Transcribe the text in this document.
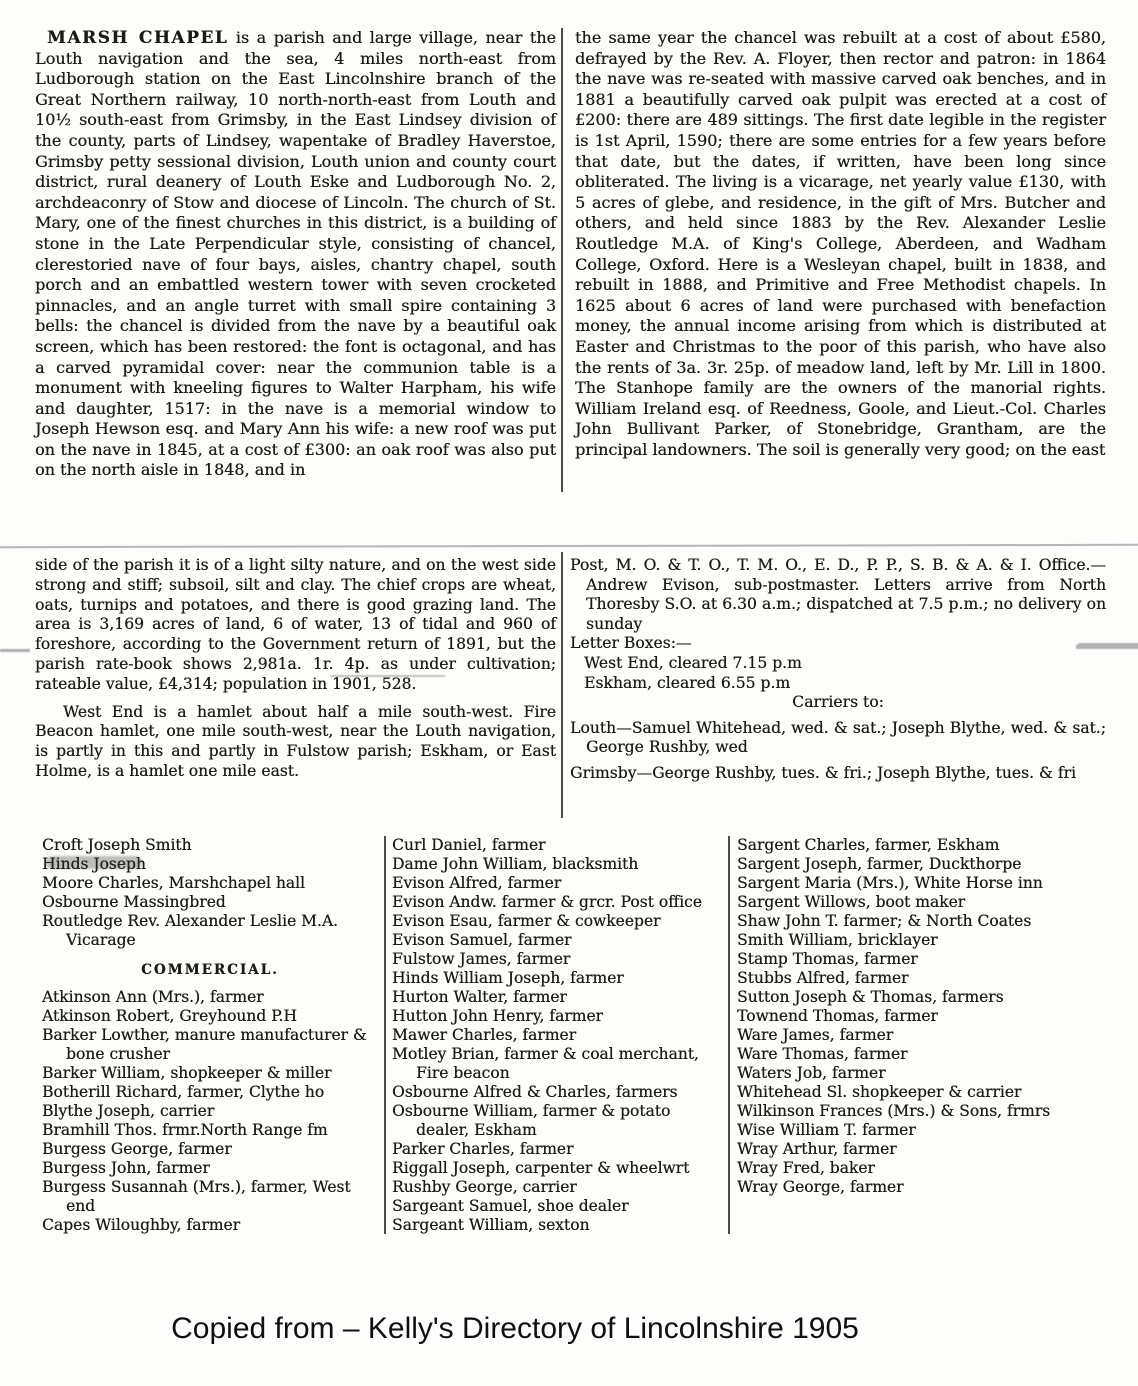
MARSH CHAPEL is a parish and large village, near the Louth navigation and the sea, 4 miles north-east from Ludborough station on the East Lincolnshire branch of the Great Northern railway, 10 north-north-east from Louth and 10½ south-east from Grimsby, in the East Lindsey division of the county, parts of Lindsey, wapentake of Bradley Haverstoe, Grimsby petty sessional division, Louth union and county court district, rural deanery of Louth Eske and Ludborough No. 2, archdeaconry of Stow and diocese of Lincoln. The church of St. Mary, one of the finest churches in this district, is a building of stone in the Late Perpendicular style, consisting of chancel, clerestoried nave of four bays, aisles, chantry chapel, south porch and an embattled western tower with seven crocketed pinnacles, and an angle turret with small spire containing 3 bells: the chancel is divided from the nave by a beautiful oak screen, which has been restored: the font is octagonal, and has a carved pyramidal cover: near the communion table is a monument with kneeling figures to Walter Harpham, his wife and daughter, 1517: in the nave is a memorial window to Joseph Hewson esq. and Mary Ann his wife: a new roof was put on the nave in 1845, at a cost of £300: an oak roof was also put on the north aisle in 1848, and in

the same year the chancel was rebuilt at a cost of about £580, defrayed by the Rev. A. Floyer, then rector and patron: in 1864 the nave was re-seated with massive carved oak benches, and in 1881 a beautifully carved oak pulpit was erected at a cost of £200: there are 489 sittings. The first date legible in the register is 1st April, 1590; there are some entries for a few years before that date, but the dates, if written, have been long since obliterated. The living is a vicarage, net yearly value £130, with 5 acres of glebe, and residence, in the gift of Mrs. Butcher and others, and held since 1883 by the Rev. Alexander Leslie Routledge M.A. of King's College, Aberdeen, and Wadham College, Oxford. Here is a Wesleyan chapel, built in 1838, and rebuilt in 1888, and Primitive and Free Methodist chapels. In 1625 about 6 acres of land were purchased with benefaction money, the annual income arising from which is distributed at Easter and Christmas to the poor of this parish, who have also the rents of 3a. 3r. 25p. of meadow land, left by Mr. Lill in 1800. The Stanhope family are the owners of the manorial rights. William Ireland esq. of Reedness, Goole, and Lieut.-Col. Charles John Bullivant Parker, of Stonebridge, Grantham, are the principal landowners. The soil is generally very good; on the east

side of the parish it is of a light silty nature, and on the west side strong and stiff; subsoil, silt and clay. The chief crops are wheat, oats, turnips and potatoes, and there is good grazing land. The area is 3,169 acres of land, 6 of water, 13 of tidal and 960 of foreshore, according to the Government return of 1891, but the parish rate-book shows 2,981a. 1r. 4p. as under cultivation; rateable value, £4,314; population in 1901, 528.

West End is a hamlet about half a mile south-west. Fire Beacon hamlet, one mile south-west, near the Louth navigation, is partly in this and partly in Fulstow parish; Eskham, or East Holme, is a hamlet one mile east.

Post, M. O. & T. O., T. M. O., E. D., P. P., S. B. & A. & I. Office.—Andrew Evison, sub-postmaster. Letters arrive from North Thoresby S.O. at 6.30 a.m.; dispatched at 7.5 p.m.; no delivery on sunday

Letter Boxes:—

West End, cleared 7.15 p.m
Eskham, cleared 6.55 p.m

Carriers to:

Louth—Samuel Whitehead, wed. & sat.; Joseph Blythe, wed. & sat.; George Rushby, wed
Grimsby—George Rushby, tues. & fri.; Joseph Blythe, tues. & fri
Croft Joseph Smith
Hinds Joseph
Moore Charles, Marshchapel hall
Osbourne Massingbred
Routledge Rev. Alexander Leslie M.A. Vicarage
COMMERCIAL.
Atkinson Ann (Mrs.), farmer
Atkinson Robert, Greyhound P.H
Barker Lowther, manure manufacturer & bone crusher
Barker William, shopkeeper & miller
Botherill Richard, farmer, Clythe ho
Blythe Joseph, carrier
Bramhill Thos. frmr.North Range fm
Burgess George, farmer
Burgess John, farmer
Burgess Susannah (Mrs.), farmer, West end
Capes Wiloughby, farmer
Curl Daniel, farmer
Dame John William, blacksmith
Evison Alfred, farmer
Evison Andw. farmer & grcr. Post office
Evison Esau, farmer & cowkeeper
Evison Samuel, farmer
Fulstow James, farmer
Hinds William Joseph, farmer
Hurton Walter, farmer
Hutton John Henry, farmer
Mawer Charles, farmer
Motley Brian, farmer & coal merchant, Fire beacon
Osbourne Alfred & Charles, farmers
Osbourne William, farmer & potato dealer, Eskham
Parker Charles, farmer
Riggall Joseph, carpenter & wheelwrt
Rushby George, carrier
Sargeant Samuel, shoe dealer
Sargeant William, sexton
Sargent Charles, farmer, Eskham
Sargent Joseph, farmer, Duckthorpe
Sargent Maria (Mrs.), White Horse inn
Sargent Willows, boot maker
Shaw John T. farmer; & North Coates
Smith William, bricklayer
Stamp Thomas, farmer
Stubbs Alfred, farmer
Sutton Joseph & Thomas, farmers
Townend Thomas, farmer
Ware James, farmer
Ware Thomas, farmer
Waters Job, farmer
Whitehead Sl. shopkeeper & carrier
Wilkinson Frances (Mrs.) & Sons, frmrs
Wise William T. farmer
Wray Arthur, farmer
Wray Fred, baker
Wray George, farmer
Copied from – Kelly's Directory of Lincolnshire 1905
